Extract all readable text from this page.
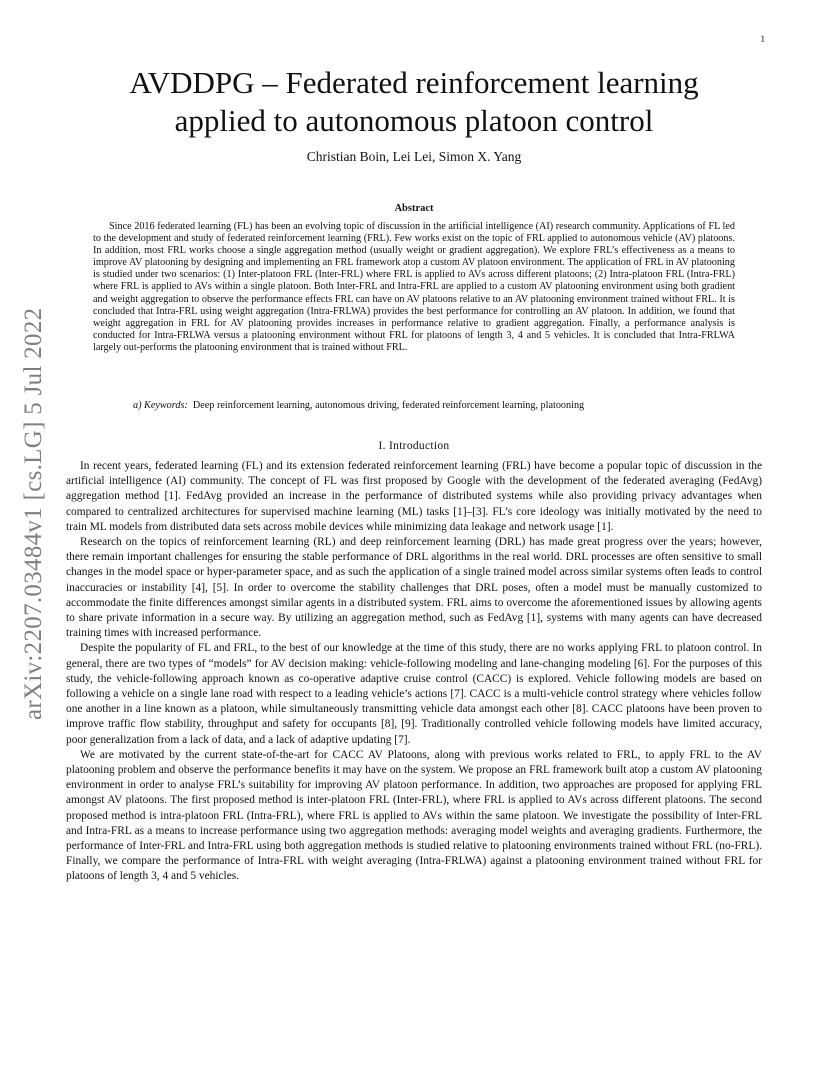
1
arXiv:2207.03484v1 [cs.LG] 5 Jul 2022
AVDDPG – Federated reinforcement learning
applied to autonomous platoon control
Christian Boin, Lei Lei, Simon X. Yang
Abstract

Since 2016 federated learning (FL) has been an evolving topic of discussion in the artificial intelligence (AI) research community. Applications of FL led to the development and study of federated reinforcement learning (FRL). Few works exist on the topic of FRL applied to autonomous vehicle (AV) platoons. In addition, most FRL works choose a single aggregation method (usually weight or gradient aggregation). We explore FRL’s effectiveness as a means to improve AV platooning by designing and implementing an FRL framework atop a custom AV platoon environment. The application of FRL in AV platooning is studied under two scenarios: (1) Inter-platoon FRL (Inter-FRL) where FRL is applied to AVs across different platoons; (2) Intra-platoon FRL (Intra-FRL) where FRL is applied to AVs within a single platoon. Both Inter-FRL and Intra-FRL are applied to a custom AV platooning environment using both gradient and weight aggregation to observe the performance effects FRL can have on AV platoons relative to an AV platooning environment trained without FRL. It is concluded that Intra-FRL using weight aggregation (Intra-FRLWA) provides the best performance for controlling an AV platoon. In addition, we found that weight aggregation in FRL for AV platooning provides increases in performance relative to gradient aggregation. Finally, a performance analysis is conducted for Intra-FRLWA versus a platooning environment without FRL for platoons of length 3, 4 and 5 vehicles. It is concluded that Intra-FRLWA largely out-performs the platooning environment that is trained without FRL.

a) Keywords: Deep reinforcement learning, autonomous driving, federated reinforcement learning, platooning

I. Introduction

In recent years, federated learning (FL) and its extension federated reinforcement learning (FRL) have become a popular topic of discussion in the artificial intelligence (AI) community. The concept of FL was first proposed by Google with the development of the federated averaging (FedAvg) aggregation method [1]. FedAvg provided an increase in the performance of distributed systems while also providing privacy advantages when compared to centralized architectures for supervised machine learning (ML) tasks [1]–[3]. FL’s core ideology was initially motivated by the need to train ML models from distributed data sets across mobile devices while minimizing data leakage and network usage [1].

Research on the topics of reinforcement learning (RL) and deep reinforcement learning (DRL) has made great progress over the years; however, there remain important challenges for ensuring the stable performance of DRL algorithms in the real world. DRL processes are often sensitive to small changes in the model space or hyper-parameter space, and as such the application of a single trained model across similar systems often leads to control inaccuracies or instability [4], [5]. In order to overcome the stability challenges that DRL poses, often a model must be manually customized to accommodate the finite differences amongst similar agents in a distributed system. FRL aims to overcome the aforementioned issues by allowing agents to share private information in a secure way. By utilizing an aggregation method, such as FedAvg [1], systems with many agents can have decreased training times with increased performance.

Despite the popularity of FL and FRL, to the best of our knowledge at the time of this study, there are no works applying FRL to platoon control. In general, there are two types of “models” for AV decision making: vehicle-following modeling and lane-changing modeling [6]. For the purposes of this study, the vehicle-following approach known as co-operative adaptive cruise control (CACC) is explored. Vehicle following models are based on following a vehicle on a single lane road with respect to a leading vehicle’s actions [7]. CACC is a multi-vehicle control strategy where vehicles follow one another in a line known as a platoon, while simultaneously transmitting vehicle data amongst each other [8]. CACC platoons have been proven to improve traffic flow stability, throughput and safety for occupants [8], [9]. Traditionally controlled vehicle following models have limited accuracy, poor generalization from a lack of data, and a lack of adaptive updating [7].

We are motivated by the current state-of-the-art for CACC AV Platoons, along with previous works related to FRL, to apply FRL to the AV platooning problem and observe the performance benefits it may have on the system. We propose an FRL framework built atop a custom AV platooning environment in order to analyse FRL’s suitability for improving AV platoon performance. In addition, two approaches are proposed for applying FRL amongst AV platoons. The first proposed method is inter-platoon FRL (Inter-FRL), where FRL is applied to AVs across different platoons. The second proposed method is intra-platoon FRL (Intra-FRL), where FRL is applied to AVs within the same platoon. We investigate the possibility of Inter-FRL and Intra-FRL as a means to increase performance using two aggregation methods: averaging model weights and averaging gradients. Furthermore, the performance of Inter-FRL and Intra-FRL using both aggregation methods is studied relative to platooning environments trained without FRL (no-FRL). Finally, we compare the performance of Intra-FRL with weight averaging (Intra-FRLWA) against a platooning environment trained without FRL for platoons of length 3, 4 and 5 vehicles.
